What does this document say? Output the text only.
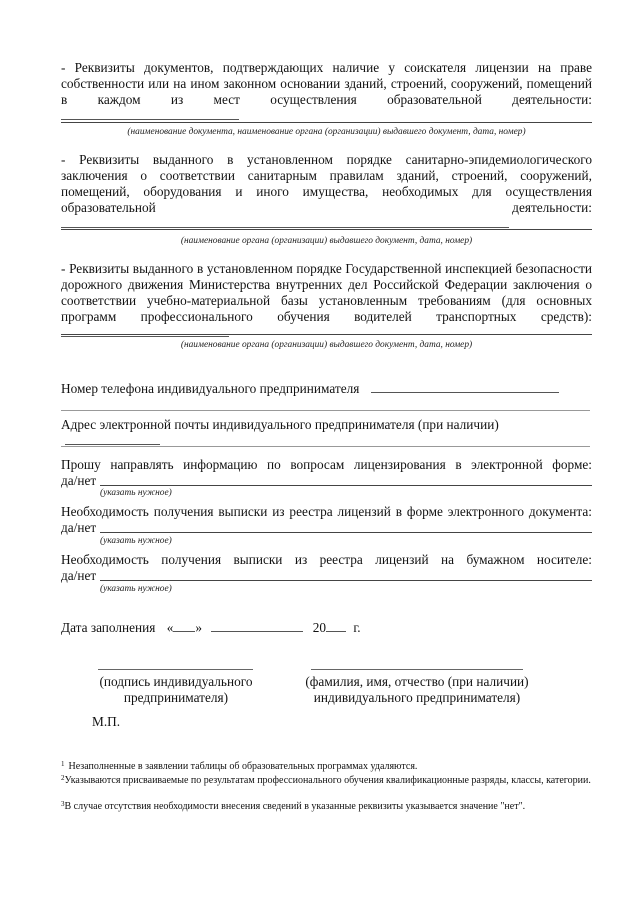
- Реквизиты документов, подтверждающих наличие у соискателя лицензии на праве собственности или на ином законном основании зданий, строений, сооружений, помещений в каждом из мест осуществления образовательной деятельности:
(наименование документа, наименование органа (организации) выдавшего документ, дата, номер)
- Реквизиты выданного в установленном порядке санитарно-эпидемиологического заключения о соответствии санитарным правилам зданий, строений, сооружений, помещений, оборудования и иного имущества, необходимых для осуществления образовательной деятельности:
(наименование органа (организации) выдавшего документ, дата, номер)
- Реквизиты выданного в установленном порядке Государственной инспекцией безопасности дорожного движения Министерства внутренних дел Российской Федерации заключения о соответствии учебно-материальной базы установленным требованиям (для основных программ профессионального обучения водителей транспортных средств):
(наименование органа (организации) выдавшего документ, дата, номер)
Номер телефона индивидуального предпринимателя
Адрес электронной почты индивидуального предпринимателя (при наличии)
Прошу направлять информацию по вопросам лицензирования в электронной форме:
да/нет
(указать нужное)
Необходимость получения выписки из реестра лицензий в форме электронного документа:
да/нет
(указать нужное)
Необходимость получения выписки из реестра лицензий на бумажном носителе:
да/нет
(указать нужное)
Дата заполнения « »	20 г.
(подпись индивидуального
предпринимателя)
(фамилия, имя, отчество (при наличии)
индивидуального предпринимателя)
М.П.
$^1$ Незаполненные в заявлении таблицы об образовательных программах удаляются.
$^2$Указываются присваиваемые по результатам профессионального обучения квалификационные разряды, классы, категории.
$^3$В случае отсутствия необходимости внесения сведений в указанные реквизиты указывается значение "нет".
